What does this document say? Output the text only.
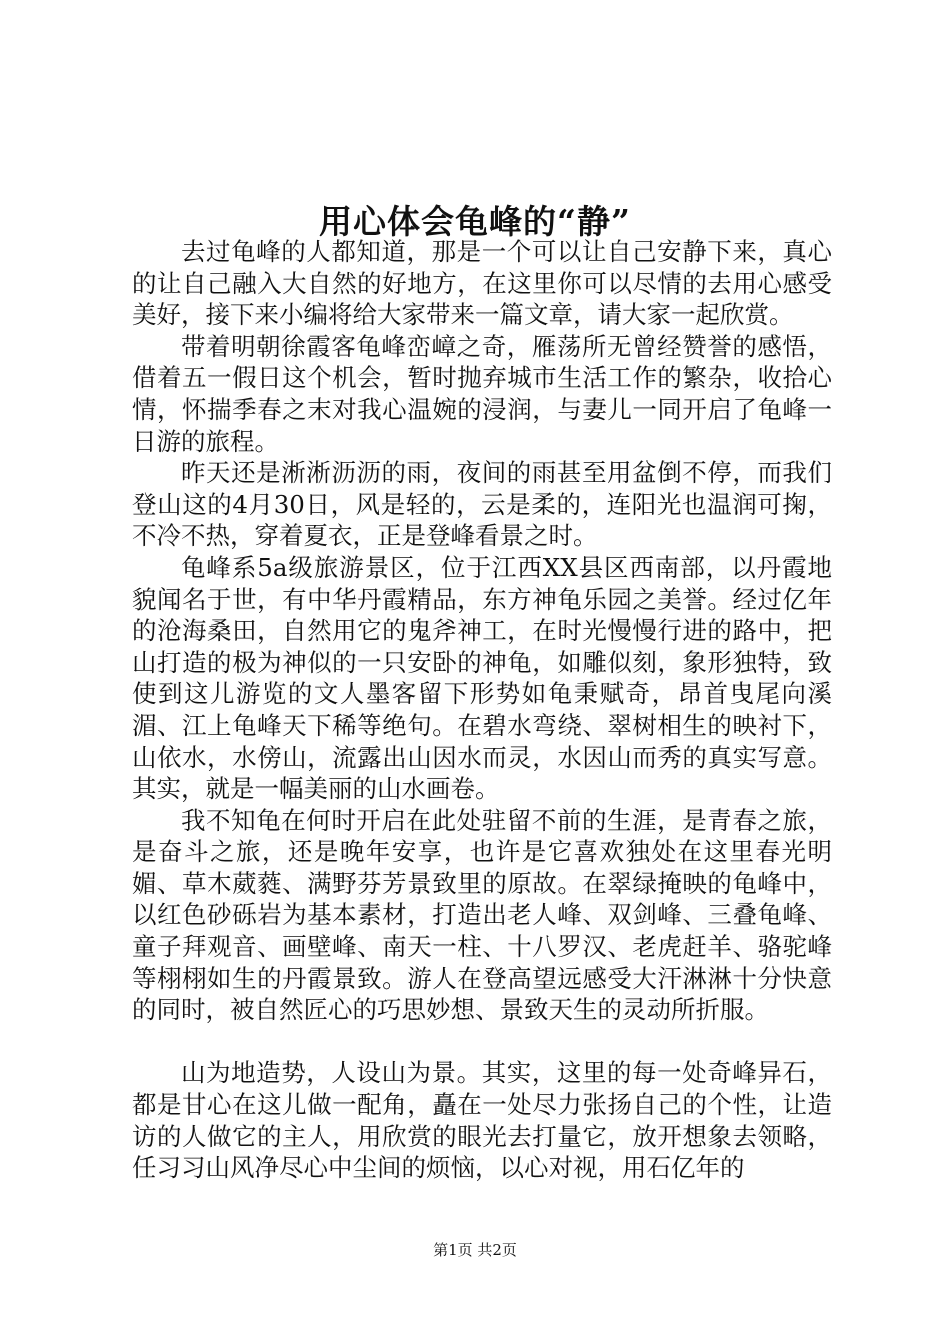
用心体会龟峰的“静”

去过龟峰的人都知道，那是一个可以让自己安静下来，真心的让自己融入大自然的好地方，在这里你可以尽情的去用心感受美好，接下来小编将给大家带来一篇文章，请大家一起欣赏。

带着明朝徐霞客龟峰峦嶂之奇，雁荡所无曾经赞誉的感悟，借着五一假日这个机会，暂时抛弃城市生活工作的繁杂，收拾心情，怀揣季春之末对我心温婉的浸润，与妻儿一同开启了龟峰一日游的旅程。

昨天还是淅淅沥沥的雨，夜间的雨甚至用盆倒不停，而我们登山这的4月30日，风是轻的，云是柔的，连阳光也温润可掬，不冷不热，穿着夏衣，正是登峰看景之时。

龟峰系5a级旅游景区，位于江西XX县区西南部，以丹霞地貌闻名于世，有中华丹霞精品，东方神龟乐园之美誉。经过亿年的沧海桑田，自然用它的鬼斧神工，在时光慢慢行进的路中，把山打造的极为神似的一只安卧的神龟，如雕似刻，象形独特，致使到这儿游览的文人墨客留下形势如龟秉赋奇，昂首曳尾向溪湄、江上龟峰天下稀等绝句。在碧水弯绕、翠树相生的映衬下，山依水，水傍山，流露出山因水而灵，水因山而秀的真实写意。其实，就是一幅美丽的山水画卷。

我不知龟在何时开启在此处驻留不前的生涯，是青春之旅，是奋斗之旅，还是晚年安享，也许是它喜欢独处在这里春光明媚、草木葳蕤、满野芬芳景致里的原故。在翠绿掩映的龟峰中，以红色砂砾岩为基本素材，打造出老人峰、双剑峰、三叠龟峰、童子拜观音、画壁峰、南天一柱、十八罗汉、老虎赶羊、骆驼峰等栩栩如生的丹霞景致。游人在登高望远感受大汗淋淋十分快意的同时，被自然匠心的巧思妙想、景致天生的灵动所折服。

山为地造势，人设山为景。其实，这里的每一处奇峰异石，都是甘心在这儿做一配角，矗在一处尽力张扬自己的个性，让造访的人做它的主人，用欣赏的眼光去打量它，放开想象去领略，任习习山风净尽心中尘间的烦恼，以心对视，用石亿年的

第1页 共2页
